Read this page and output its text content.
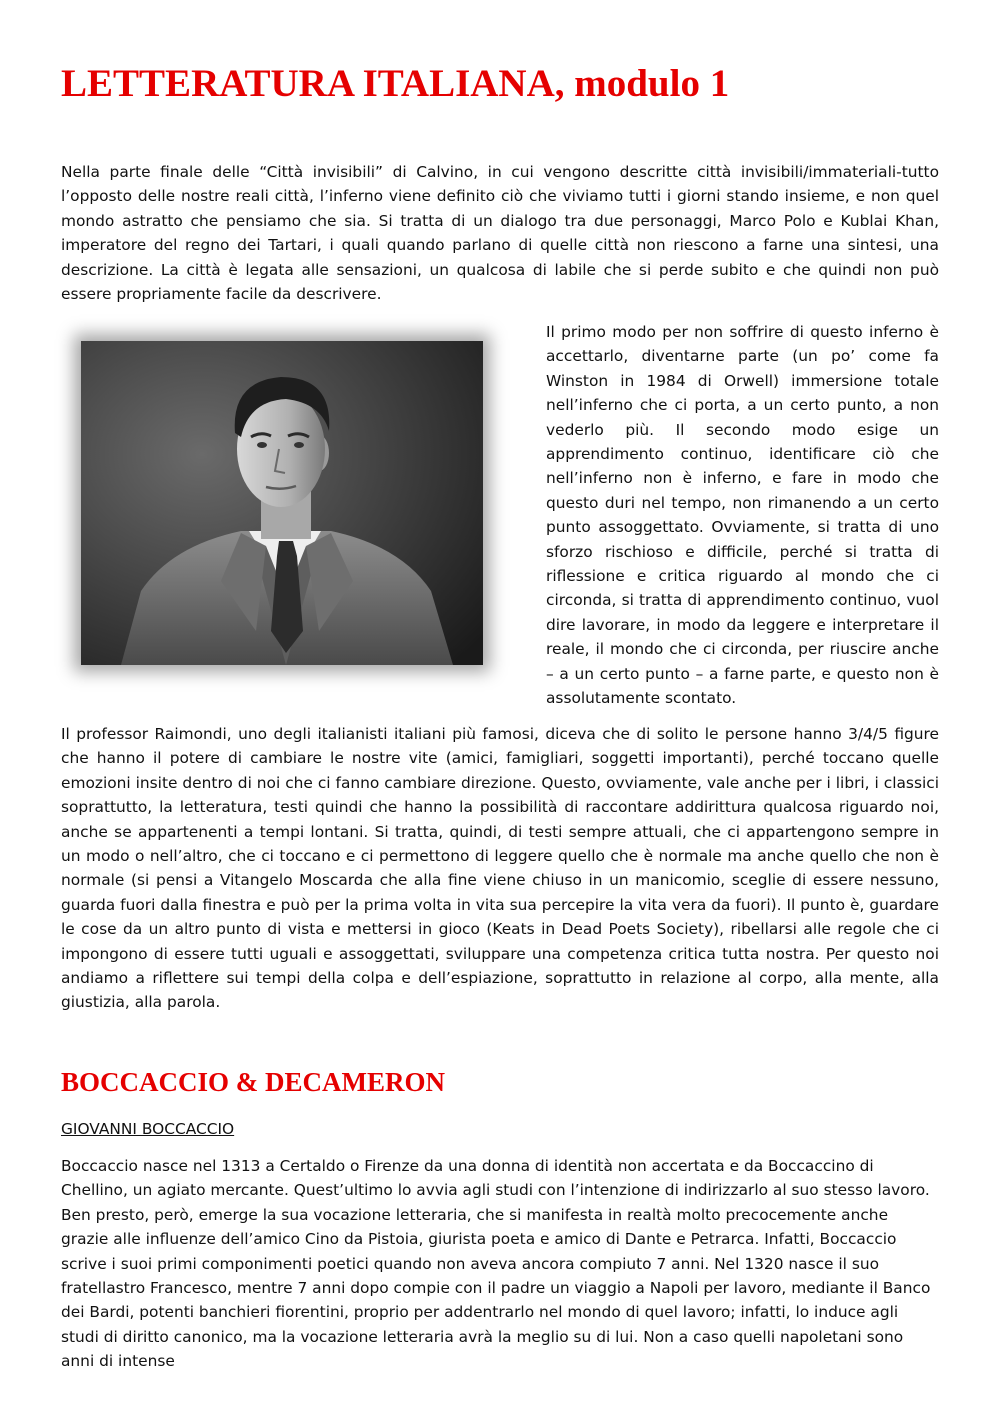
LETTERATURA ITALIANA, modulo 1

Nella parte finale delle “Città invisibili” di Calvino, in cui vengono descritte città invisibili/immateriali-tutto l’opposto delle nostre reali città, l’inferno viene definito ciò che viviamo tutti i giorni stando insieme, e non quel mondo astratto che pensiamo che sia. Si tratta di un dialogo tra due personaggi, Marco Polo e Kublai Khan, imperatore del regno dei Tartari, i quali quando parlano di quelle città non riescono a farne una sintesi, una descrizione. La città è legata alle sensazioni, un qualcosa di labile che si perde subito e che quindi non può essere propriamente facile da descrivere.

Il primo modo per non soffrire di questo inferno è accettarlo, diventarne parte (un po’ come fa Winston in 1984 di Orwell) immersione totale nell’inferno che ci porta, a un certo punto, a non vederlo più. Il secondo modo esige un apprendimento continuo, identificare ciò che nell’inferno non è inferno, e fare in modo che questo duri nel tempo, non rimanendo a un certo punto assoggettato. Ovviamente, si tratta di uno sforzo rischioso e difficile, perché si tratta di riflessione e critica riguardo al mondo che ci circonda, si tratta di apprendimento continuo, vuol dire lavorare, in modo da leggere e interpretare il reale, il mondo che ci circonda, per riuscire anche – a un certo punto – a farne parte, e questo non è assolutamente scontato.

Il professor Raimondi, uno degli italianisti italiani più famosi, diceva che di solito le persone hanno 3/4/5 figure che hanno il potere di cambiare le nostre vite (amici, famigliari, soggetti importanti), perché toccano quelle emozioni insite dentro di noi che ci fanno cambiare direzione. Questo, ovviamente, vale anche per i libri, i classici soprattutto, la letteratura, testi quindi che hanno la possibilità di raccontare addirittura qualcosa riguardo noi, anche se appartenenti a tempi lontani. Si tratta, quindi, di testi sempre attuali, che ci appartengono sempre in un modo o nell’altro, che ci toccano e ci permettono di leggere quello che è normale ma anche quello che non è normale (si pensi a Vitangelo Moscarda che alla fine viene chiuso in un manicomio, sceglie di essere nessuno, guarda fuori dalla finestra e può per la prima volta in vita sua percepire la vita vera da fuori). Il punto è, guardare le cose da un altro punto di vista e mettersi in gioco (Keats in Dead Poets Society), ribellarsi alle regole che ci impongono di essere tutti uguali e assoggettati, sviluppare una competenza critica tutta nostra. Per questo noi andiamo a riflettere sui tempi della colpa e dell’espiazione, soprattutto in relazione al corpo, alla mente, alla giustizia, alla parola.

BOCCACCIO & DECAMERON

GIOVANNI BOCCACCIO

Boccaccio nasce nel 1313 a Certaldo o Firenze da una donna di identità non accertata e da Boccaccino di Chellino, un agiato mercante. Quest’ultimo lo avvia agli studi con l’intenzione di indirizzarlo al suo stesso lavoro. Ben presto, però, emerge la sua vocazione letteraria, che si manifesta in realtà molto precocemente anche grazie alle influenze dell’amico Cino da Pistoia, giurista poeta e amico di Dante e Petrarca. Infatti, Boccaccio scrive i suoi primi componimenti poetici quando non aveva ancora compiuto 7 anni. Nel 1320 nasce il suo fratellastro Francesco, mentre 7 anni dopo compie con il padre un viaggio a Napoli per lavoro, mediante il Banco dei Bardi, potenti banchieri fiorentini, proprio per addentrarlo nel mondo di quel lavoro; infatti, lo induce agli studi di diritto canonico, ma la vocazione letteraria avrà la meglio su di lui. Non a caso quelli napoletani sono anni di intense
